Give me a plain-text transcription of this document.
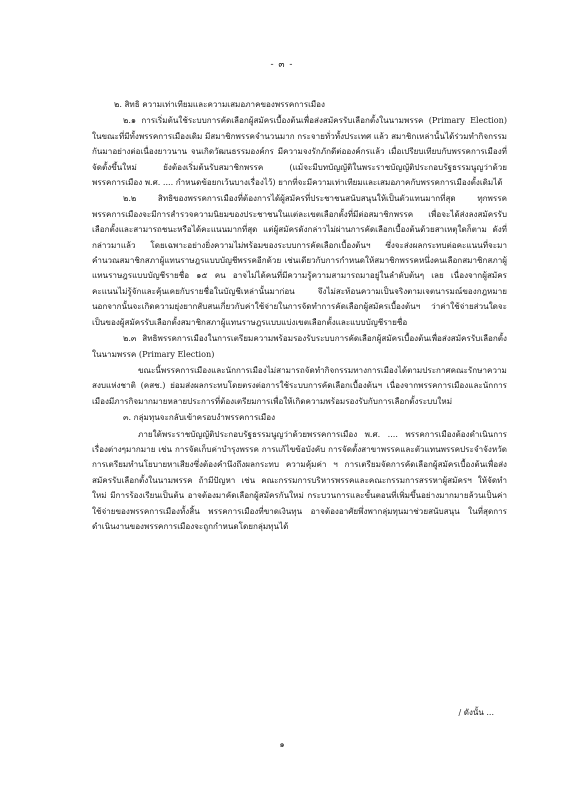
- ๓ -

๒. สิทธิ ความเท่าเทียมและความเสมอภาคของพรรคการเมือง

๒.๑ การเริ่มต้นใช้ระบบการคัดเลือกผู้สมัครเบื้องต้นเพื่อส่งสมัครรับเลือกตั้งในนามพรรค (Primary Election) ในขณะที่มีทั้งพรรคการเมืองเดิม มีสมาชิกพรรคจำนวนมาก กระจายทั่วทั้งประเทศ แล้ว สมาชิกเหล่านั้นได้ร่วมทำกิจกรรมกันมาอย่างต่อเนื่องยาวนาน จนเกิดวัฒนธรรมองค์กร มีความจงรักภักดีต่อองค์กรแล้ว เมื่อเปรียบเทียบกับพรรคการเมืองที่จัดตั้งขึ้นใหม่ ยังต้องเริ่มต้นรับสมาชิกพรรค (แม้จะมีบทบัญญัติในพระราชบัญญัติประกอบรัฐธรรมนูญว่าด้วยพรรคการเมือง พ.ศ. .... กำหนดข้อยกเว้นบางเรื่องไว้) ยากที่จะมีความเท่าเทียมและเสมอภาคกับพรรคการเมืองตั้งเดิมได้

๒.๒ สิทธิของพรรคการเมืองที่ต้องการได้ผู้สมัครที่ประชาชนสนับสนุนให้เป็นตัวแทนมากที่สุด ทุกพรรคพรรคการเมืองจะมีการสำรวจความนิยมของประชาชนในแต่ละเขตเลือกตั้งที่มีต่อสมาชิกพรรค เพื่อจะได้ส่งลงสมัครรับเลือกตั้งและสามารถชนะหรือได้คะแนนมากที่สุด แต่ผู้สมัครดังกล่าวไม่ผ่านการคัดเลือกเบื้องต้นด้วยสาเหตุใดก็ตาม ดังที่กล่าวมาแล้ว โดยเฉพาะอย่างยิ่งความไม่พร้อมของระบบการคัดเลือกเบื้องต้นฯ ซึ่งจะส่งผลกระทบต่อคะแนนที่จะมาคำนวณสมาชิกสภาผู้แทนราษฎรแบบบัญชีพรรคอีกด้วย เช่นเดียวกับการกำหนดให้สมาชิกพรรคหนึ่งคนเลือกสมาชิกสภาผู้แทนราษฎรแบบบัญชีรายชื่อ ๑๕ คน อาจไม่ได้คนที่มีความรู้ความสามารถมาอยู่ในลำดับต้นๆ เลย เนื่องจากผู้สมัครคะแนนไม่รู้จักและคุ้นเคยกับรายชื่อในบัญชีเหล่านั้นมาก่อน จึงไม่สะท้อนความเป็นจริงตามเจตนารมณ์ของกฎหมาย นอกจากนั้นจะเกิดความยุ่งยากสับสนเกี่ยวกับค่าใช้จ่ายในการจัดทำการคัดเลือกผู้สมัครเบื้องต้นฯ ว่าค่าใช้จ่ายส่วนใดจะเป็นของผู้สมัครรับเลือกตั้งสมาชิกสภาผู้แทนราษฎรแบบแบ่งเขตเลือกตั้งและแบบบัญชีรายชื่อ

๒.๓ สิทธิพรรคการเมืองในการเตรียมความพร้อมรองรับระบบการคัดเลือกผู้สมัครเบื้องต้นเพื่อส่งสมัครรับเลือกตั้งในนามพรรค (Primary Election)

ขณะนี้พรรคการเมืองและนักการเมืองไม่สามารถจัดทำกิจกรรมทางการเมืองได้ตามประกาศคณะรักษาความสงบแห่งชาติ (คสช.) ย่อมส่งผลกระทบโดยตรงต่อการใช้ระบบการคัดเลือกเบื้องต้นฯ เนื่องจากพรรคการเมืองและนักการเมืองมีภารกิจมากมายหลายประการที่ต้องเตรียมการเพื่อให้เกิดความพร้อมรองรับกับการเลือกตั้งระบบใหม่

๓. กลุ่มทุนจะกลับเข้าครอบงำพรรคการเมือง

ภายใต้พระราชบัญญัติประกอบรัฐธรรมนูญว่าด้วยพรรคการเมือง พ.ศ. .... พรรคการเมืองต้องดำเนินการเรื่องต่างๆมากมาย เช่น การจัดเก็บค่าบำรุงพรรค การแก้ไขข้อบังคับ การจัดตั้งสาขาพรรคและตัวแทนพรรคประจำจังหวัดการเตรียมทำนโยบายหาเสียงซึ่งต้องคำนึงถึงผลกระทบ ความคุ้มค่า ฯ การเตรียมจัดการคัดเลือกผู้สมัครเบื้องต้นเพื่อส่งสมัครรับเลือกตั้งในนามพรรค ถ้ามีปัญหา เช่น คณะกรรมการบริหารพรรคและคณะกรรมการสรรหาผู้สมัครฯ ให้จัดทำใหม่ มีการร้องเรียนเป็นต้น อาจต้องมาคัดเลือกผู้สมัครกันใหม่ กระบวนการและขั้นตอนที่เพิ่มขึ้นอย่างมากมายล้วนเป็นค่าใช้จ่ายของพรรคการเมืองทั้งสิ้น พรรคการเมืองที่ขาดเงินทุน อาจต้องอาศัยพึ่งพากลุ่มทุนมาช่วยสนับสนุน ในที่สุดการดำเนินงานของพรรคการเมืองจะถูกกำหนดโดยกลุ่มทุนได้

/ ดังนั้น ...
๑
